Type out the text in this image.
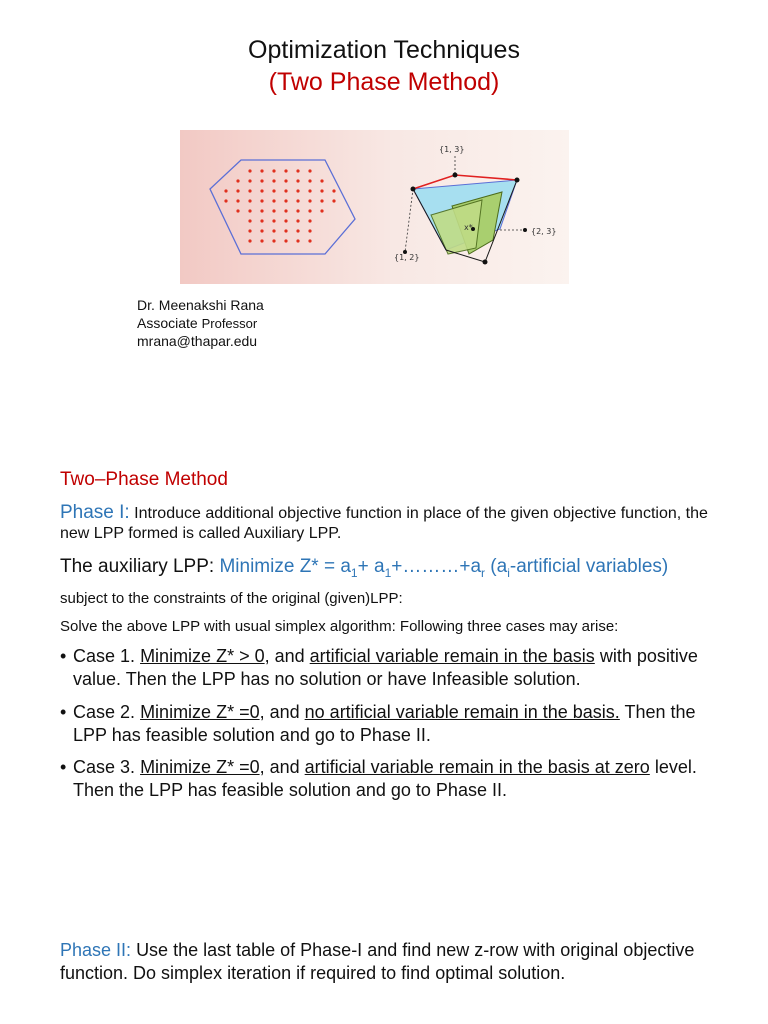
Optimization Techniques
(Two Phase Method)
{1, 3}
{1, 2}
{2, 3}
x*
Dr. Meenakshi Rana
Associate Professor
mrana@thapar.edu
Two–Phase Method
Phase I: Introduce additional objective function in place of the given objective function, the new LPP formed is called Auxiliary LPP.
The auxiliary LPP: Minimize $Z* = a_1+$ $a_1+\dots\dots\dots+a_r$ ($a_i$-artificial variables)
subject to the constraints of the original (given)LPP:
Solve the above LPP with usual simplex algorithm: Following three cases may arise:
• Case 1. Minimize Z* > 0, and artificial variable remain in the basis with positive value. Then the LPP has no solution or have Infeasible solution.
• Case 2. Minimize Z* =0, and no artificial variable remain in the basis. Then the LPP has feasible solution and go to Phase II.
• Case 3. Minimize Z* =0, and artificial variable remain in the basis at zero level. Then the LPP has feasible solution and go to Phase II.
Phase II: Use the last table of Phase-I and find new z-row with original objective function. Do simplex iteration if required to find optimal solution.
